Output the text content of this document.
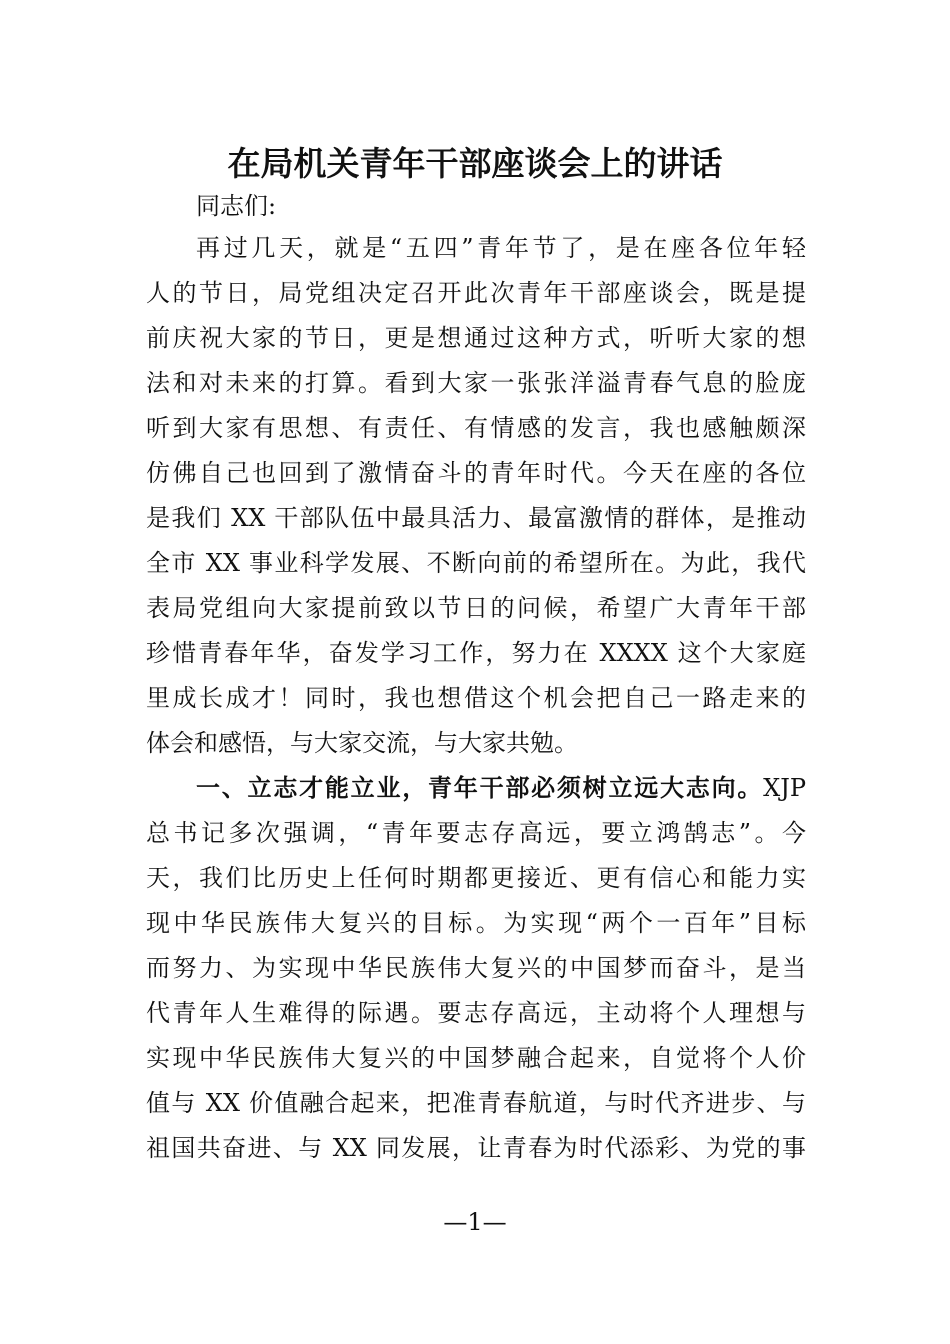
在局机关青年干部座谈会上的讲话

同志们:

再过几天，就是“五四”青年节了，是在座各位年轻

人的节日，局党组决定召开此次青年干部座谈会，既是提

前庆祝大家的节日，更是想通过这种方式，听听大家的想

法和对未来的打算。看到大家一张张洋溢青春气息的脸庞

听到大家有思想、有责任、有情感的发言，我也感触颇深

仿佛自己也回到了激情奋斗的青年时代。今天在座的各位

是我们 XX 干部队伍中最具活力、最富激情的群体，是推动

全市 XX 事业科学发展、不断向前的希望所在。为此，我代

表局党组向大家提前致以节日的问候，希望广大青年干部

珍惜青春年华，奋发学习工作，努力在 XXXX 这个大家庭

里成长成才！同时，我也想借这个机会把自己一路走来的

体会和感悟，与大家交流，与大家共勉。

一、立志才能立业，青年干部必须树立远大志向。XJP

总书记多次强调，“青年要志存高远，要立鸿鹄志”。今

天，我们比历史上任何时期都更接近、更有信心和能力实

现中华民族伟大复兴的目标。为实现“两个一百年”目标

而努力、为实现中华民族伟大复兴的中国梦而奋斗，是当

代青年人生难得的际遇。要志存高远，主动将个人理想与

实现中华民族伟大复兴的中国梦融合起来，自觉将个人价

值与 XX 价值融合起来，把准青春航道，与时代齐进步、与

祖国共奋进、与 XX 同发展，让青春为时代添彩、为党的事

—1—
